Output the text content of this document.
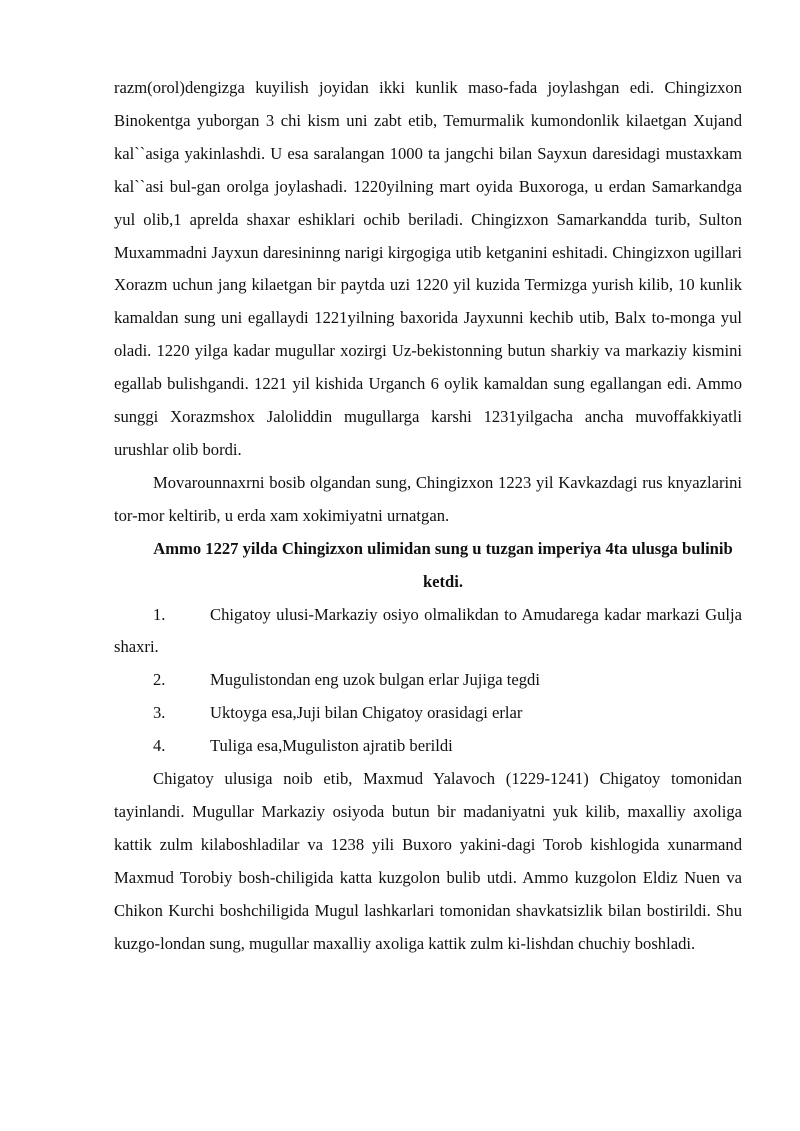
razm(orol)dengizga kuyilish joyidan ikki kunlik maso-fada joylashgan edi. Chingizxon Binokentga yuborgan 3 chi kism uni zabt etib, Temurmalik kumondonlik kilaetgan Xujand kal``asiga yakinlashdi. U esa saralangan 1000 ta jangchi bilan Sayxun daresidagi mustaxkam kal``asi bul-gan orolga joylashadi. 1220yilning mart oyida Buxoroga, u erdan Samarkandga yul olib,1 aprelda shaxar eshiklari ochib beriladi. Chingizxon Samarkandda turib, Sulton Muxammadni Jayxun daresininng narigi kirgogiga utib ketganini eshitadi. Chingizxon ugillari Xorazm uchun jang kilaetgan bir paytda uzi 1220 yil kuzida Termizga yurish kilib, 10 kunlik kamaldan sung uni egallaydi 1221yilning baxorida Jayxunni kechib utib, Balx to-monga yul oladi. 1220 yilga kadar mugullar xozirgi Uz-bekistonning butun sharkiy va markaziy kismini egallab bulishgandi. 1221 yil kishida Urganch 6 oylik kamaldan sung egallangan edi. Ammo sunggi Xorazmshox Jaloliddin mugullarga karshi 1231yilgacha ancha muvoffakkiyatli urushlar olib bordi.

Movarounnaxrni bosib olgandan sung, Chingizxon 1223 yil Kavkazdagi rus knyazlarini tor-mor keltirib, u erda xam xokimiyatni urnatgan.

Ammo 1227 yilda Chingizxon ulimidan sung u tuzgan imperiya 4ta ulusga bulinib ketdi.

1.	Chigatoy ulusi-Markaziy osiyo olmalikdan to Amudarega kadar markazi Gulja shaxri.

2.	Mugulistondan eng uzok bulgan erlar Jujiga tegdi

3.	Uktoyga esa,Juji bilan Chigatoy orasidagi erlar

4.	Tuliga esa,Muguliston ajratib berildi

Chigatoy ulusiga noib etib, Maxmud Yalavoch (1229-1241) Chigatoy tomonidan tayinlandi. Mugullar Markaziy osiyoda butun bir madaniyatni yuk kilib, maxalliy axoliga kattik zulm kilaboshladilar va 1238 yili Buxoro yakini-dagi Torob kishlogida xunarmand Maxmud Torobiy bosh-chiligida katta kuzgolon bulib utdi. Ammo kuzgolon Eldiz Nuen va Chikon Kurchi boshchiligida Mugul lashkarlari tomonidan shavkatsizlik bilan bostirildi. Shu kuzgo-londan sung, mugullar maxalliy axoliga kattik zulm ki-lishdan chuchiy boshladi.
